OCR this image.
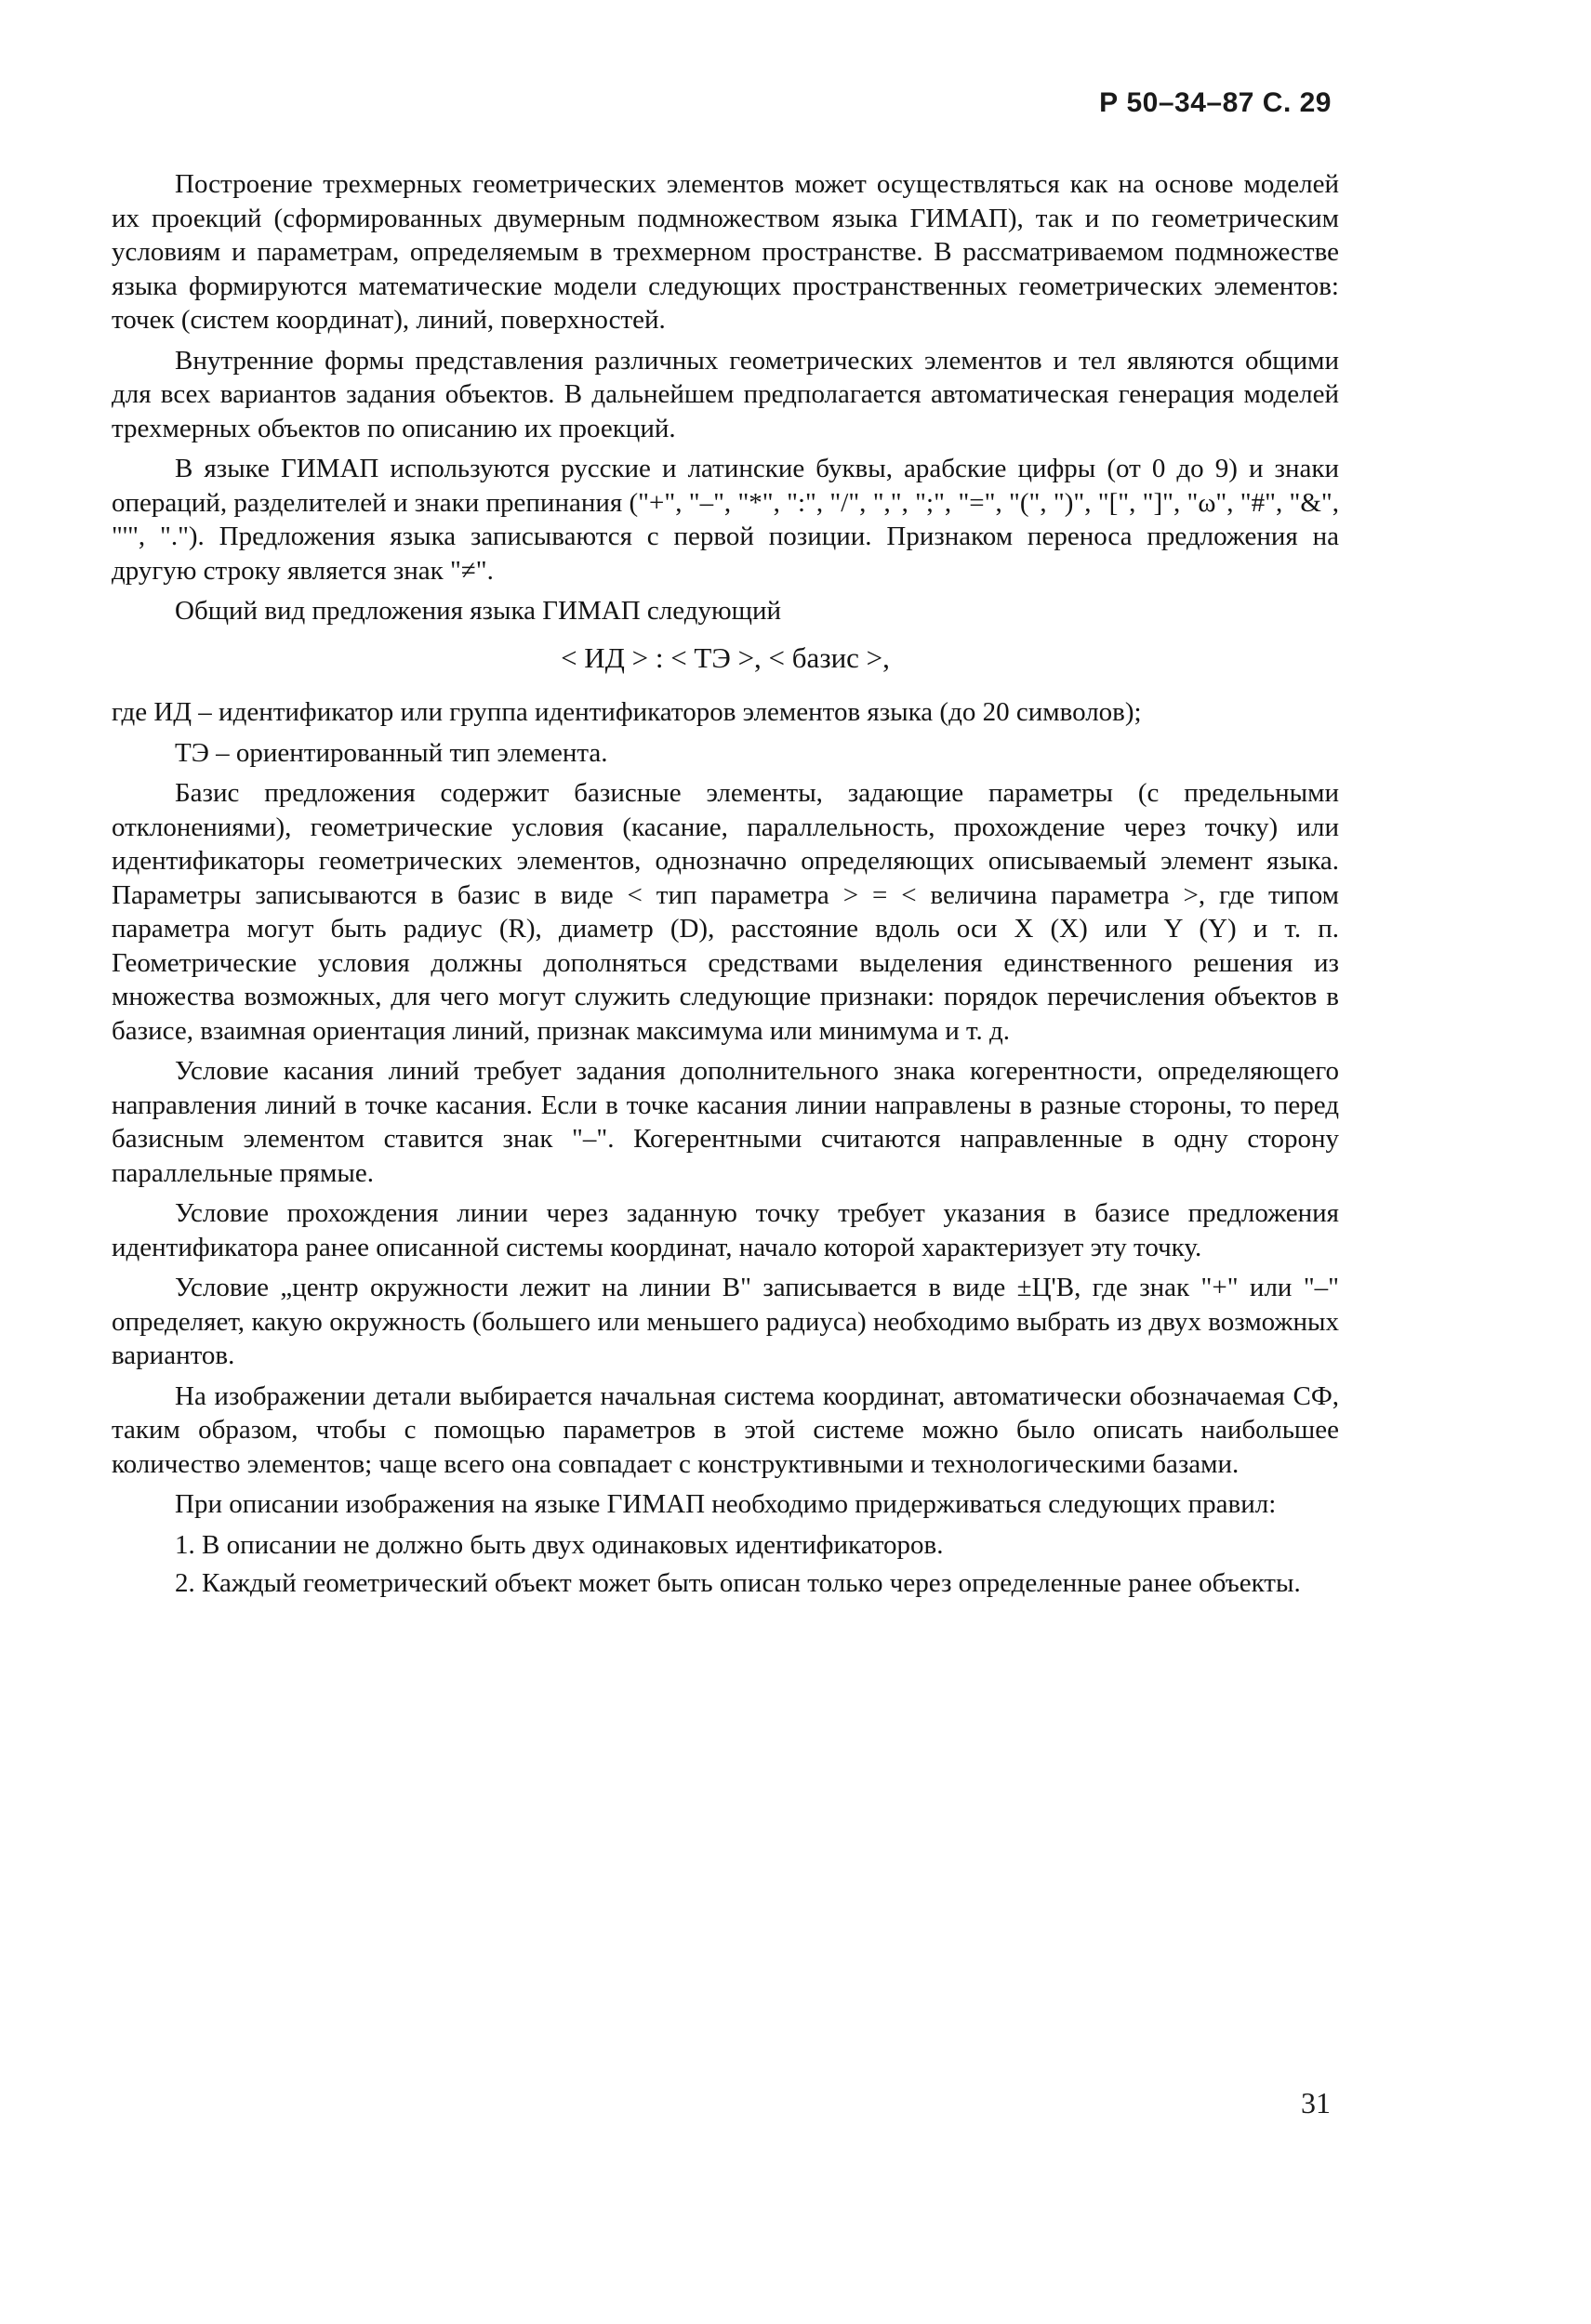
Р 50–34–87 С. 29

Построение трехмерных геометрических элементов может осуществляться как на основе моделей их проекций (сформированных двумерным подмножеством языка ГИМАП), так и по геометрическим условиям и параметрам, определяемым в трехмерном пространстве. В рассматриваемом подмножестве языка формируются математические модели следующих пространственных геометрических элементов: точек (систем координат), линий, поверхностей.

Внутренние формы представления различных геометрических элементов и тел являются общими для всех вариантов задания объектов. В дальнейшем предполагается автоматическая генерация моделей трехмерных объектов по описанию их проекций.

В языке ГИМАП используются русские и латинские буквы, арабские цифры (от 0 до 9) и знаки операций, разделителей и знаки препинания ("+", "–", "*", ":", "/", ",", ";", "=", "(", ")", "[", "]", "ω", "#", "&", "'", "."). Предложения языка записываются с первой позиции. Признаком переноса предложения на другую строку является знак "≠".

Общий вид предложения языка ГИМАП следующий

< ИД > : < ТЭ >, < базис >,

где ИД – идентификатор или группа идентификаторов элементов языка (до 20 символов);

ТЭ – ориентированный тип элемента.

Базис предложения содержит базисные элементы, задающие параметры (с предельными отклонениями), геометрические условия (касание, параллельность, прохождение через точку) или идентификаторы геометрических элементов, однозначно определяющих описываемый элемент языка. Параметры записываются в базис в виде < тип параметра > = < величина параметра >, где типом параметра могут быть радиус (R), диаметр (D), расстояние вдоль оси X (X) или Y (Y) и т. п. Геометрические условия должны дополняться средствами выделения единственного решения из множества возможных, для чего могут служить следующие признаки: порядок перечисления объектов в базисе, взаимная ориентация линий, признак максимума или минимума и т. д.

Условие касания линий требует задания дополнительного знака когерентности, определяющего направления линий в точке касания. Если в точке касания линии направлены в разные стороны, то перед базисным элементом ставится знак "–". Когерентными считаются направленные в одну сторону параллельные прямые.

Условие прохождения линии через заданную точку требует указания в базисе предложения идентификатора ранее описанной системы координат, начало которой характеризует эту точку.

Условие „центр окружности лежит на линии В" записывается в виде ±Ц'В, где знак "+" или "–" определяет, какую окружность (большего или меньшего радиуса) необходимо выбрать из двух возможных вариантов.

На изображении детали выбирается начальная система координат, автоматически обозначаемая СФ, таким образом, чтобы с помощью параметров в этой системе можно было описать наибольшее количество элементов; чаще всего она совпадает с конструктивными и технологическими базами.

При описании изображения на языке ГИМАП необходимо придерживаться следующих правил:

1. В описании не должно быть двух одинаковых идентификаторов.

2. Каждый геометрический объект может быть описан только через определенные ранее объекты.

31
